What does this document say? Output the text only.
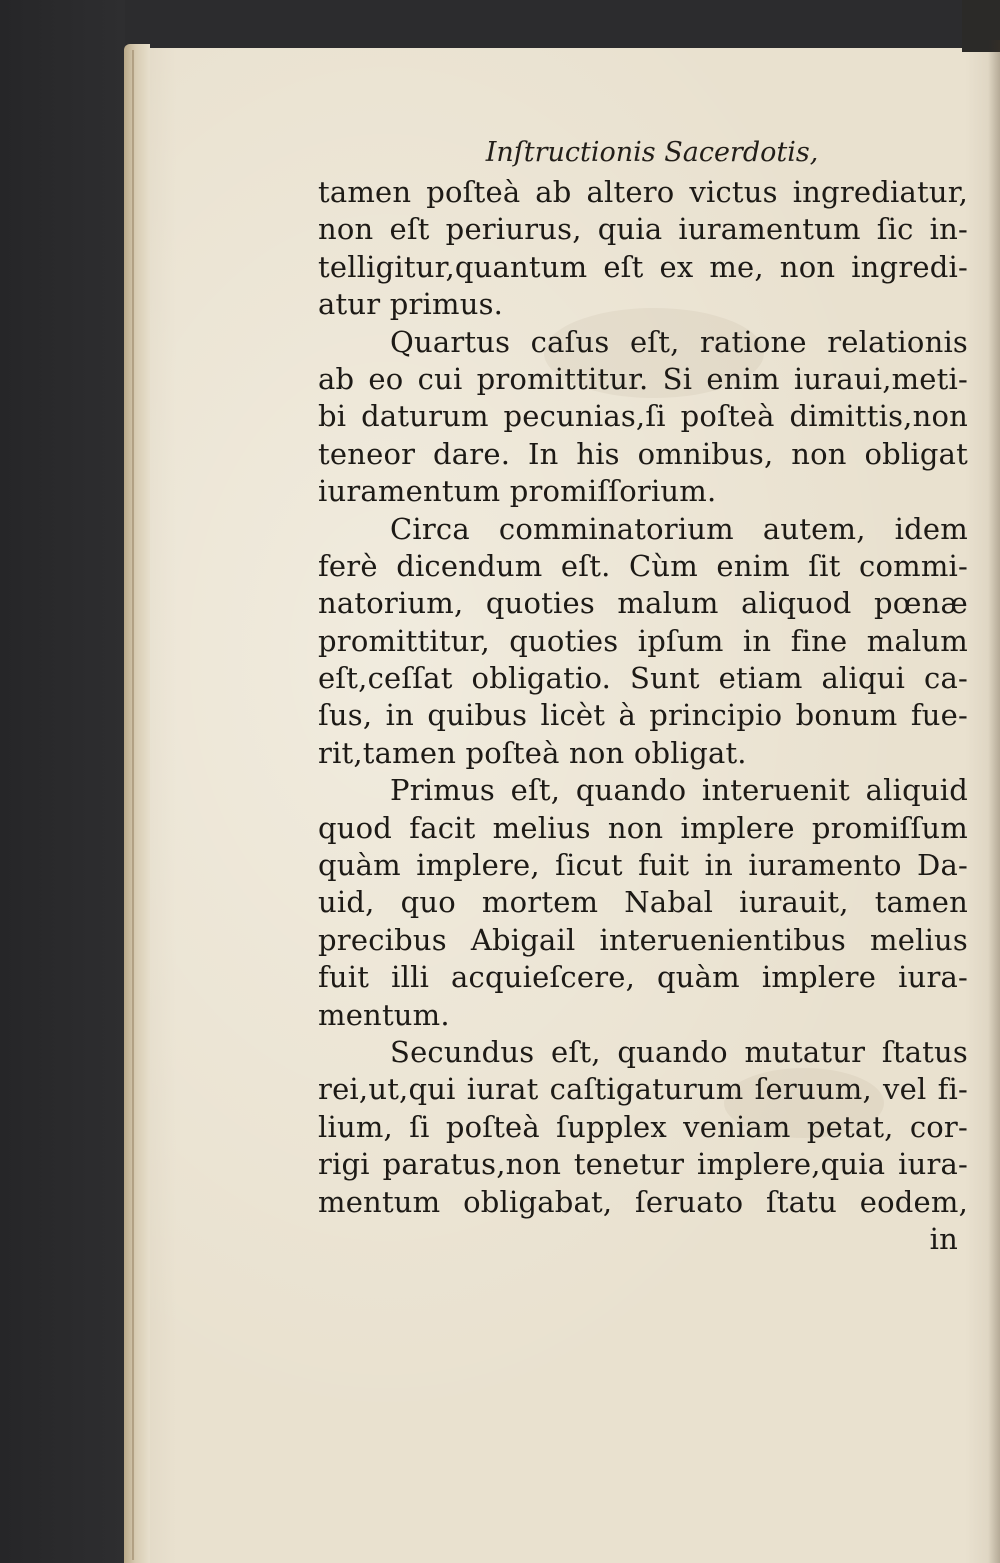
Inſtructionis Sacerdotis,
tamen poſteà ab altero victus ingrediatur,
non eſt periurus, quia iuramentum ſic in-
telligitur,quantum eſt ex me, non ingredi-
atur primus.
Quartus caſus eſt, ratione relationis
ab eo cui promittitur. Si enim iuraui,meti-
bi daturum pecunias,ſi poſteà dimittis,non
teneor dare. In his omnibus, non obligat
iuramentum promiſſorium.
Circa comminatorium autem, idem
ferè dicendum eſt. Cùm enim ſit commi-
natorium, quoties malum aliquod pœnæ
promittitur, quoties ipſum in fine malum
eſt,ceſſat obligatio. Sunt etiam aliqui ca-
ſus, in quibus licèt à principio bonum fue-
rit,tamen poſteà non obligat.
Primus eſt, quando interuenit aliquid
quod facit melius non implere promiſſum
quàm implere, ſicut fuit in iuramento Da-
uid, quo mortem Nabal iurauit, tamen
precibus Abigail interuenientibus melius
fuit illi acquieſcere, quàm implere iura-
mentum.
Secundus eſt, quando mutatur ſtatus
rei,ut,qui iurat caſtigaturum ſeruum, vel fi-
lium, ſi poſteà ſupplex veniam petat, cor-
rigi paratus,non tenetur implere,quia iura-
mentum obligabat, ſeruato ſtatu eodem,
in
